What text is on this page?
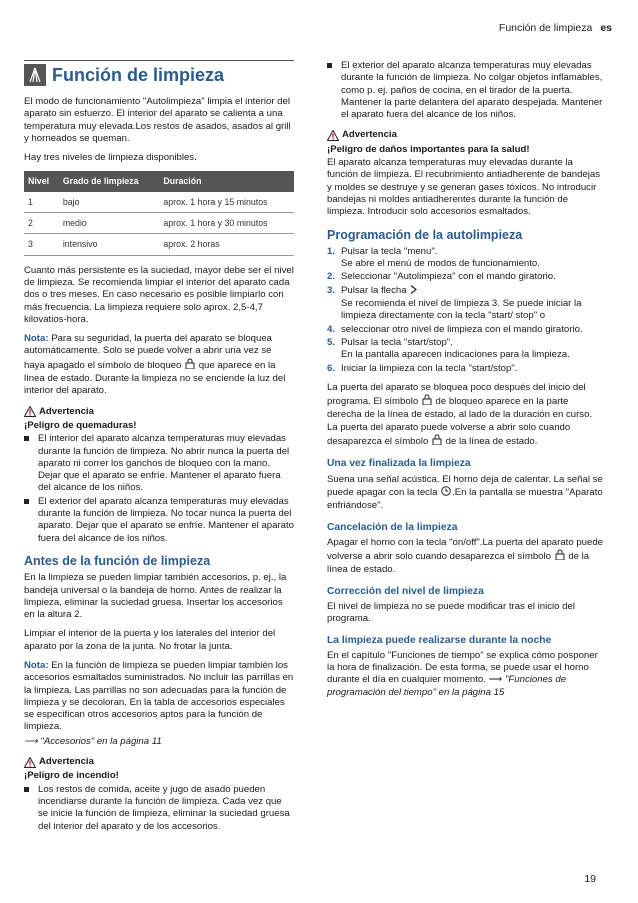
Función de limpieza es
Función de limpieza

El modo de funcionamiento "Autolimpieza" limpia el interior del aparato sin esfuerzo. El interior del aparato se calienta a una temperatura muy elevada.Los restos de asados, asados al grill y horneados se queman.

Hay tres niveles de limpieza disponibles.

Nivel	Grado de limpieza	Duración
1	bajo	aprox. 1 hora y 15 minutos
2	medio	aprox. 1 hora y 30 minutos
3	intensivo	aprox. 2 horas

Cuanto más persistente es la suciedad, mayor debe ser el nivel de limpieza. Se recomienda limpiar el interior del aparato cada dos o tres meses. En caso necesario es posible limpiarlo con más frecuencia. La limpieza requiere solo aprox. 2,5-4,7 kilovatios-hora.

Nota: Para su seguridad, la puerta del aparato se bloquea automáticamente. Solo se puede volver a abrir una vez se haya apagado el símbolo de bloqueo que aparece en la línea de estado. Durante la limpieza no se enciende la luz del interior del aparato.

Advertencia
¡Peligro de quemaduras!
El interior del aparato alcanza temperaturas muy elevadas durante la función de limpieza. No abrir nunca la puerta del aparato ni correr los ganchos de bloqueo con la mano. Dejar que el aparato se enfríe. Mantener el aparato fuera del alcance de los niños.
El exterior del aparato alcanza temperaturas muy elevadas durante la función de limpieza. No tocar nunca la puerta del aparato. Dejar que el aparato se enfríe. Mantener el aparato fuera del alcance de los niños.
Antes de la función de limpieza

En la limpieza se pueden limpiar también accesorios, p. ej., la bandeja universal o la bandeja de horno. Antes de realizar la limpieza, eliminar la suciedad gruesa. Insertar los accesorios en la altura 2.

Limpiar el interior de la puerta y los laterales del interior del aparato por la zona de la junta. No frotar la junta.

Nota: En la función de limpieza se pueden limpiar también los accesorios esmaltados suministrados. No incluir las parrillas en la limpieza. Las parrillas no son adecuadas para la función de limpieza y se decoloran. En la tabla de accesorios especiales se especifican otros accesorios aptos para la función de limpieza.

⟶ "Accesorios" en la página 11

Advertencia
¡Peligro de incendio!
Los restos de comida, aceite y jugo de asado pueden incendiarse durante la función de limpieza. Cada vez que se inicie la función de limpieza, eliminar la suciedad gruesa del interior del aparato y de los accesorios.
El exterior del aparato alcanza temperaturas muy elevadas durante la función de limpieza. No colgar objetos inflamables, como p. ej. paños de cocina, en el tirador de la puerta. Mantener la parte delantera del aparato despejada. Mantener el aparato fuera del alcance de los niños.
Advertencia
¡Peligro de daños importantes para la salud!

El aparato alcanza temperaturas muy elevadas durante la función de limpieza. El recubrimiento antiadherente de bandejas y moldes se destruye y se generan gases tóxicos. No introducir bandejas ni moldes antiadherentes durante la función de limpieza. Introducir solo accesorios esmaltados.

Programación de la autolimpieza
1. Pulsar la tecla "menu".
Se abre el menú de modos de funcionamiento.
2. Seleccionar "Autolimpieza" con el mando giratorio.
3. Pulsar la flecha
Se recomienda el nivel de limpieza 3. Se puede iniciar la limpieza directamente con la tecla "start/ stop" o
4. seleccionar otro nivel de limpieza con el mando giratorio.
5. Pulsar la tecla "start/stop".
En la pantalla aparecen indicaciones para la limpieza.
6. Iniciar la limpieza con la tecla "start/stop".

La puerta del aparato se bloquea poco después del inicio del programa. El símbolo de bloqueo aparece en la parte derecha de la línea de estado, al lado de la duración en curso.
La puerta del aparato puede volverse a abrir solo cuando desaparezca el símbolo de la línea de estado.

Una vez finalizada la limpieza

Suena una señal acústica. El horno deja de calentar. La señal se puede apagar con la tecla .En la pantalla se muestra "Aparato enfriándose".

Cancelación de la limpieza

Apagar el horno con la tecla "on/off".La puerta del aparato puede volverse a abrir solo cuando desaparezca el símbolo de la línea de estado.

Corrección del nivel de limpieza

El nivel de limpieza no se puede modificar tras el inicio del programa.

La limpieza puede realizarse durante la noche

En el capítulo "Funciones de tiempo" se explica cómo posponer la hora de finalización. De esta forma, se puede usar el horno durante el día en cualquier momento. ⟶ "Funciones de programación del tiempo" en la página 15

19
